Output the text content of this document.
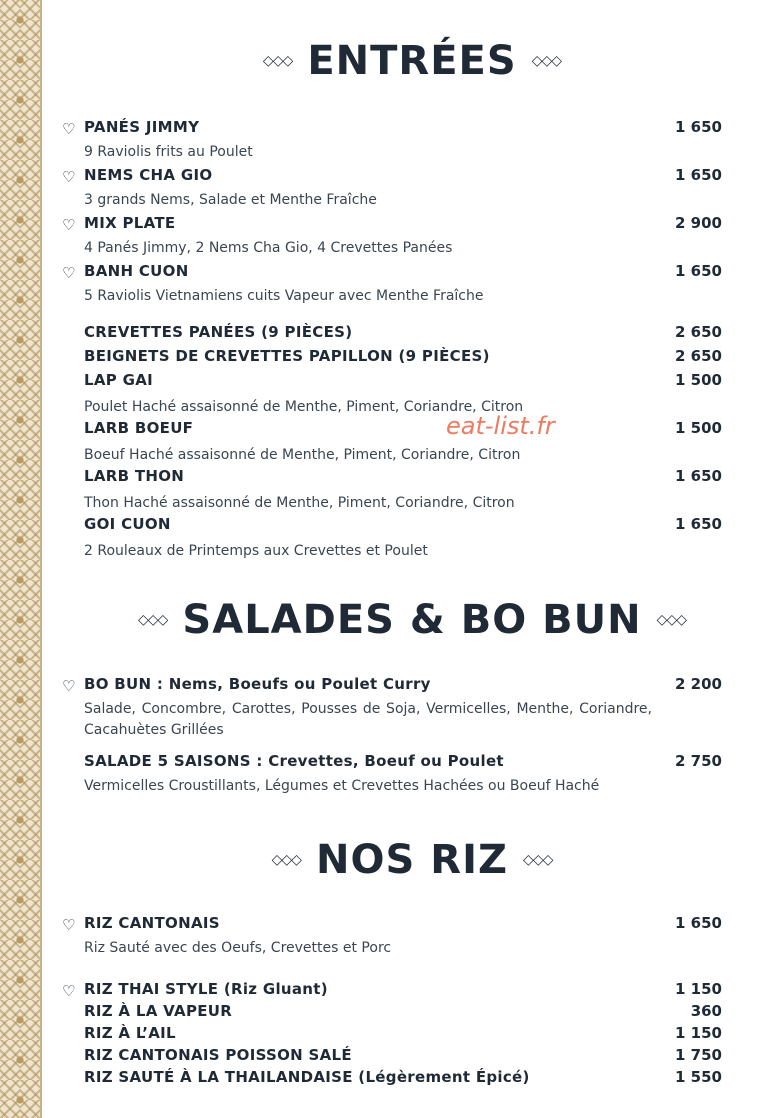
◇◇◇ ENTRÉES ◇◇◇
♡ PANÉS JIMMY	1 650
9 Raviolis frits au Poulet
♡ NEMS CHA GIO	1 650
3 grands Nems, Salade et Menthe Fraîche
♡ MIX PLATE	2 900
4 Panés Jimmy, 2 Nems Cha Gio, 4 Crevettes Panées
♡ BANH CUON	1 650
5 Raviolis Vietnamiens cuits Vapeur avec Menthe Fraîche
CREVETTES PANÉES (9 PIÈCES)	2 650
BEIGNETS DE CREVETTES PAPILLON (9 PIÈCES)	2 650
LAP GAI	1 500
Poulet Haché assaisonné de Menthe, Piment, Coriandre, Citron
LARB BOEUF	1 500
Boeuf Haché assaisonné de Menthe, Piment, Coriandre, Citron
LARB THON	1 650
Thon Haché assaisonné de Menthe, Piment, Coriandre, Citron
GOI CUON	1 650
2 Rouleaux de Printemps aux Crevettes et Poulet
eat-list.fr
◇◇◇ SALADES & BO BUN ◇◇◇
♡ BO BUN : Nems, Boeufs ou Poulet Curry	2 200
Salade, Concombre, Carottes, Pousses de Soja, Vermicelles, Menthe, Coriandre, Cacahuètes Grillées
SALADE 5 SAISONS : Crevettes, Boeuf ou Poulet	2 750
Vermicelles Croustillants, Légumes et Crevettes Hachées ou Boeuf Haché
◇◇◇ NOS RIZ ◇◇◇
♡ RIZ CANTONAIS	1 650
Riz Sauté avec des Oeufs, Crevettes et Porc
♡ RIZ THAI STYLE (Riz Gluant)	1 150
RIZ À LA VAPEUR	360
RIZ À L’AIL	1 150
RIZ CANTONAIS POISSON SALÉ	1 750
RIZ SAUTÉ À LA THAILANDAISE (Légèrement Épicé)	1 550
